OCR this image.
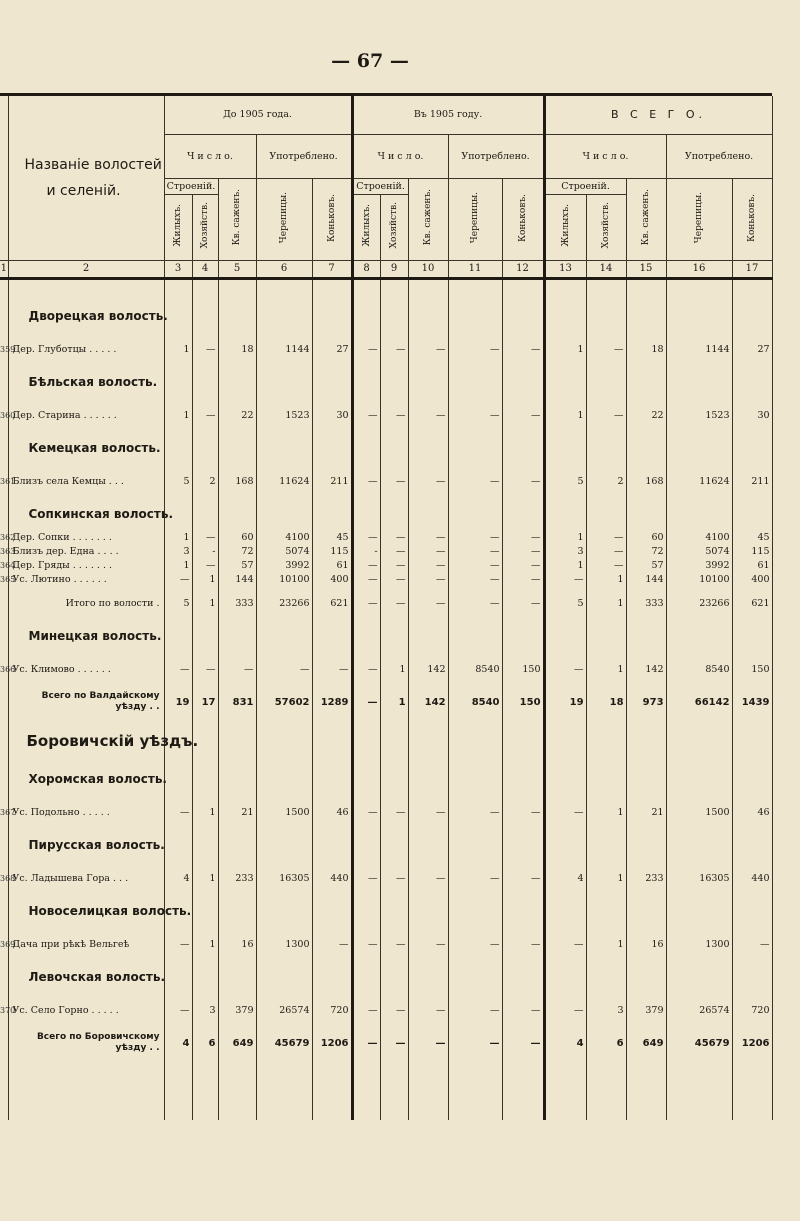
— 67 —
	Названіе волостей
и селеній.	До 1905 года.					Въ 1905 году.					В С Е Г О.				
		Ч и с л о.			Употреблено.		Ч и с л о.			Употреблено.		Ч и с л о.			Употреблено.	
		Строеній.		Кв. саженъ.	Черепицы.	Коньковъ.	Строеній.		Кв. саженъ.	Черепицы.	Коньковъ.	Строеній.		Кв. саженъ.	Черепицы.	Коньковъ.
		Жилыхъ.	Хозяйств.				Жилыхъ.	Хозяйств.				Жилыхъ.	Хозяйств.			
1	2	3	4	5	6	7	8	9	10	11	12	13	14	15	16	17

	Дворецкая волость.															
359	Дер. Глуботцы . . . . .	1	—	18	1144	27	—	—	—	—	—	1	—	18	1144	27
	Бѣльская волость.															
360	Дер. Старина . . . . . .	1	—	22	1523	30	—	—	—	—	—	1	—	22	1523	30
	Кемецкая волость.															
361	Близъ села Кемцы . . .	5	2	168	11624	211	—	—	—	—	—	5	2	168	11624	211
	Сопкинская волость.															
362	Дер. Сопки . . . . . . .	1	—	60	4100	45	—	—	—	—	—	1	—	60	4100	45
363	Близъ дер. Една . . . .	3	-	72	5074	115	-	—	—	—	—	3	—	72	5074	115
364	Дер. Гряды . . . . . . .	1	—	57	3992	61	—	—	—	—	—	1	—	57	3992	61
365	Ус. Лютино . . . . . .	—	1	144	10100	400	—	—	—	—	—	—	1	144	10100	400
	Итого по волости .	5	1	333	23266	621	—	—	—	—	—	5	1	333	23266	621
	Минецкая волость.															
366	Ус. Климово . . . . . .	—	—	—	—	—	—	1	142	8540	150	—	1	142	8540	150
	Всего по Валдайскому уѣзду . .	19	17	831	57602	1289	—	1	142	8540	150	19	18	973	66142	1439
	Боровичскій уѣздъ.															
	Хоромская волость.															
367	Ус. Подольно . . . . .	—	1	21	1500	46	—	—	—	—	—	—	1	21	1500	46
	Пирусская волость.															
368	Ус. Ладышева Гора . . .	4	1	233	16305	440	—	—	—	—	—	4	1	233	16305	440
	Новоселицкая волость.															
369	Дача при рѣкѣ Вельгеѣ	—	1	16	1300	—	—	—	—	—	—	—	1	16	1300	—
	Левочская волость.															
370	Ус. Село Горно . . . . .	—	3	379	26574	720	—	—	—	—	—	—	3	379	26574	720
	Всего по Боровичскому уѣзду . .	4	6	649	45679	1206	—	—	—	—	—	4	6	649	45679	1206
